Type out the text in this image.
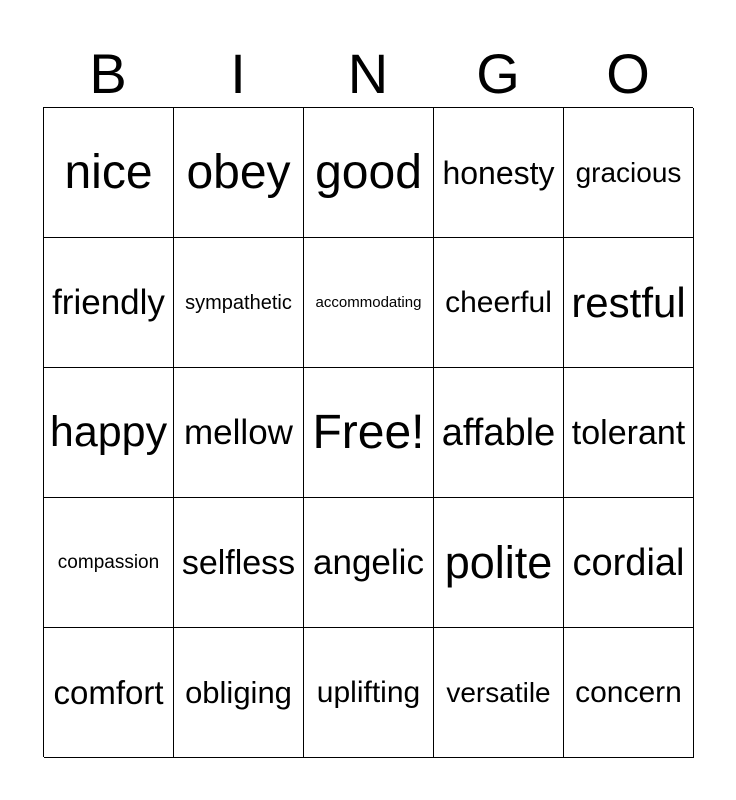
B	I	N	G	O
nice obey good honesty gracious
friendly sympathetic accommodating cheerful restful
happy mellow Free! affable tolerant
compassion selfless angelic polite cordial
comfort obliging uplifting versatile concern
